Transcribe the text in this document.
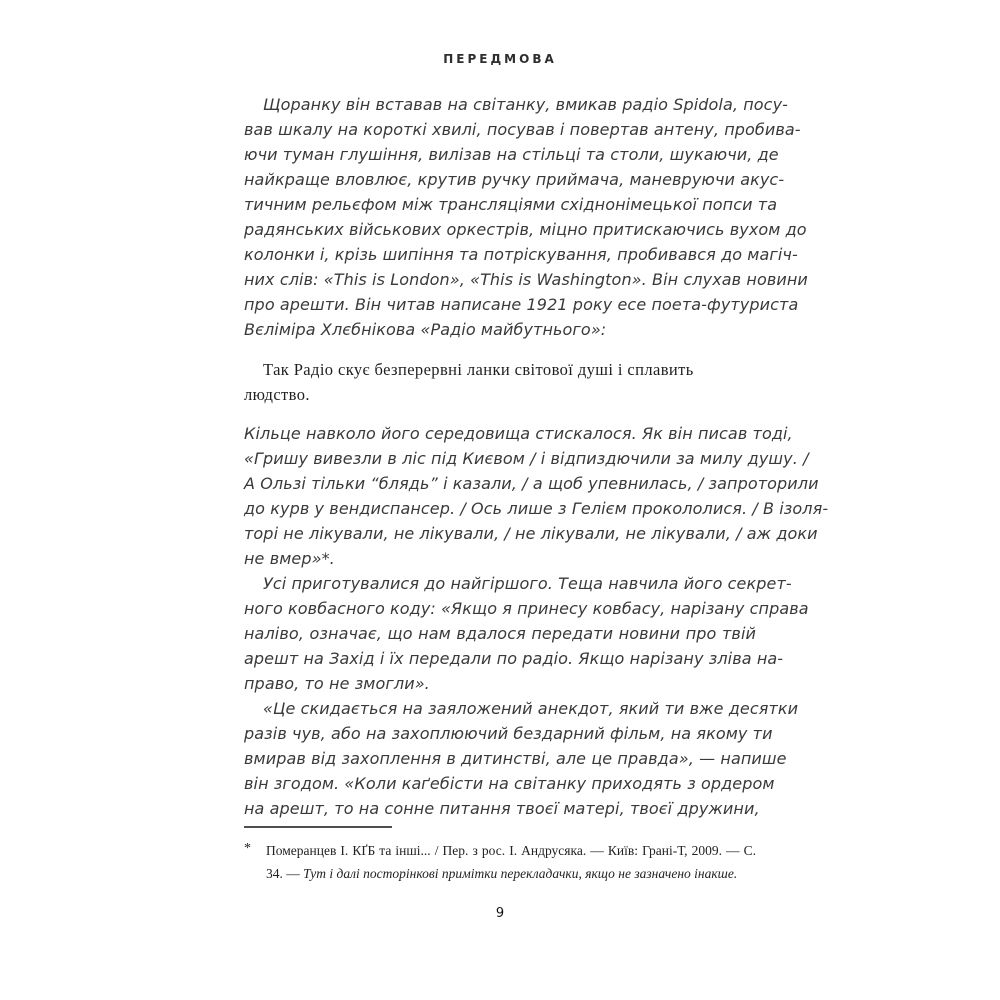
ПЕРЕДМОВА
Щоранку він вставав на світанку, вмикав радіо Spidola, посу-
вав шкалу на короткі хвилі, посував і повертав антену, пробива-
ючи туман глушіння, вилізав на стільці та столи, шукаючи, де
найкраще вловлює, крутив ручку приймача, маневруючи акус-
тичним рельєфом між трансляціями східнонімецької попси та
радянських військових оркестрів, міцно притискаючись вухом до
колонки і, крізь шипіння та потріскування, пробивався до магіч-
них слів: «This is London», «This is Washington». Він слухав новини
про арешти. Він читав написане 1921 року есе поета-футуриста
Вєліміра Хлєбнікова «Радіо майбутнього»:
Так Радіо скує безперервні ланки світової душі і сплавить
людство.
Кільце навколо його середовища стискалося. Як він писав тоді,
«Гришу вивезли в ліс під Києвом / і відпиздючили за милу душу. /
А Ользі тільки “блядь” і казали, / а щоб упевнилась, / запроторили
до курв у вендиспансер. / Ось лише з Гелієм прокололися. / В ізоля-
торі не лікували, не лікували, / не лікували, не лікували, / аж доки
не вмер»*.
Усі приготувалися до найгіршого. Теща навчила його секрет-
ного ковбасного коду: «Якщо я принесу ковбасу, нарізану справа
наліво, означає, що нам вдалося передати новини про твій
арешт на Захід і їх передали по радіо. Якщо нарізану зліва на-
право, то не змогли».
«Це скидається на заяложений анекдот, який ти вже десятки
разів чув, або на захоплюючий бездарний фільм, на якому ти
вмирав від захоплення в дитинстві, але це правда», — напише
він згодом. «Коли каґебісти на світанку приходять з ордером
на арешт, то на сонне питання твоєї матері, твоєї дружини,
* Померанцев І. КҐБ та інші... / Пер. з рос. І. Андрусяка. — Київ: Грані-Т, 2009. — С. 34. — Тут і далі посторінкові примітки перекладачки, якщо не зазначено інакше.
9
